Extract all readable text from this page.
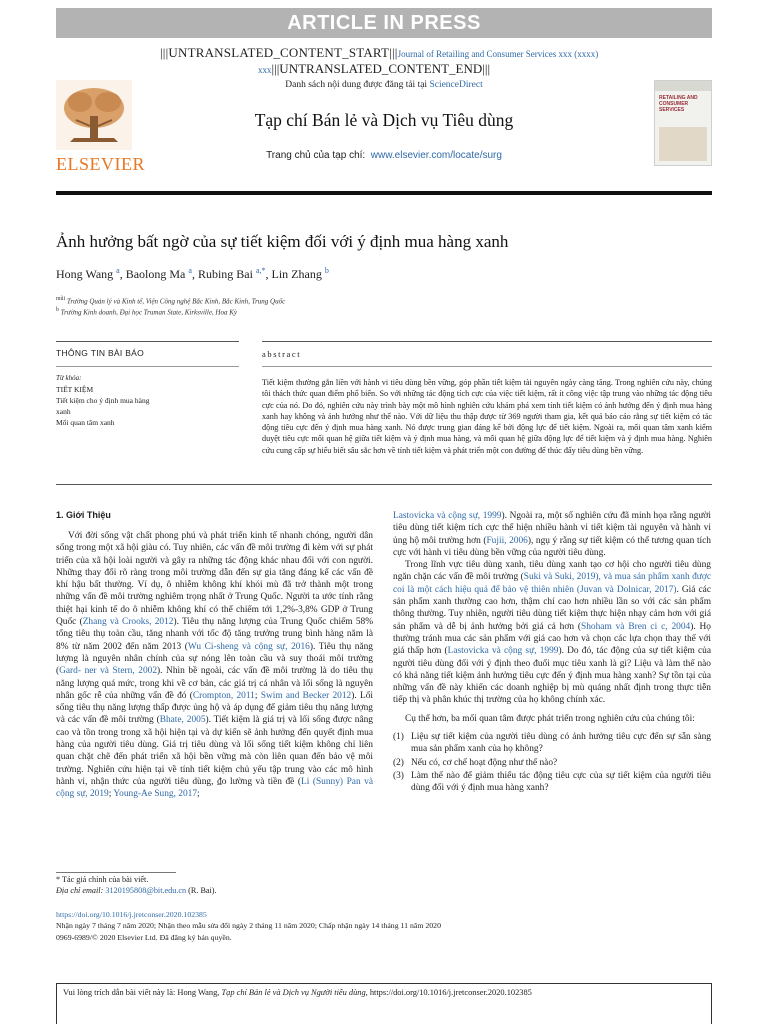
ARTICLE IN PRESS
|||UNTRANSLATED_CONTENT_START|||Journal of Retailing and Consumer Services xxx (xxxx)
xxx|||UNTRANSLATED_CONTENT_END|||
ELSEVIER
Danh sách nội dung được đăng tải tại ScienceDirect
Tạp chí Bán lẻ và Dịch vụ Tiêu dùng
Trang chủ của tạp chí: www.elsevier.com/locate/surg
RETAILING AND CONSUMER SERVICES
Ảnh hưởng bất ngờ của sự tiết kiệm đối với ý định mua hàng xanh
Hong Wang $^a$, Baolong Ma $^a$, Rubing Bai $^{a,*}$, Lin Zhang $^b$
$^{mũi}$ Trường Quản lý và Kinh tế, Viện Công nghệ Bắc Kinh, Bắc Kinh, Trung Quốc
$^b$ Trường Kinh doanh, Đại học Truman State, Kirksville, Hoa Kỳ
THÔNG TIN BÀI BÁO	abstract
Từ khóa:
TIẾT KIỆM
Tiết kiệm cho ý định mua hàng
xanh
Mối quan tâm xanh
Tiết kiệm thường gắn liền với hành vi tiêu dùng bền vững, góp phần tiết kiệm tài nguyên ngày càng tăng. Trong nghiên cứu này, chúng tôi thách thức quan điểm phổ biến. So với những tác động tích cực của việc tiết kiệm, rất ít công việc tập trung vào những tác động tiêu cực của nó. Do đó, nghiên cứu này trình bày một mô hình nghiên cứu khám phá xem tính tiết kiệm có ảnh hưởng đến ý định mua hàng xanh hay không và ảnh hưởng như thế nào. Với dữ liệu thu thập được từ 369 người tham gia, kết quả báo cáo rằng sự tiết kiệm có tác động tiêu cực đến ý định mua hàng xanh. Nó được trung gian đáng kể bởi động lực để tiết kiệm. Ngoài ra, mối quan tâm xanh kiểm duyệt tiêu cực mối quan hệ giữa tiết kiệm và ý định mua hàng, và mối quan hệ giữa động lực để tiết kiệm và ý định mua hàng. Nghiên cứu cung cấp sự hiểu biết sâu sắc hơn về tính tiết kiệm và phát triển một con đường để thúc đẩy tiêu dùng bền vững.
1. Giới Thiệu

Với đời sống vật chất phong phú và phát triển kinh tế nhanh chóng, người dân sống trong một xã hội giàu có. Tuy nhiên, các vấn đề môi trường đi kèm với sự phát triển của xã hội loài người và gây ra những tác động khác nhau đối với con người. Những thay đổi rõ ràng trong môi trường dẫn đến sự gia tăng đáng kể các vấn đề khí hậu bất thường. Ví dụ, ô nhiễm không khí khói mù đã trở thành một trong những vấn đề môi trường nghiêm trọng nhất ở Trung Quốc. Người ta ước tính rằng thiệt hại kinh tế do ô nhiễm không khí có thể chiếm tới 1,2%-3,8% GDP ở Trung Quốc (Zhang và Crooks, 2012). Tiêu thụ năng lượng của Trung Quốc chiếm 58% tổng tiêu thụ toàn cầu, tăng nhanh với tốc độ tăng trưởng trung bình hàng năm là 8% từ năm 2002 đến năm 2013 (Wu Ci-sheng và cộng sự, 2016). Tiêu thụ năng lượng là nguyên nhân chính của sự nóng lên toàn cầu và suy thoái môi trường (Gard- ner và Stern, 2002). Nhìn bề ngoài, các vấn đề môi trường là do tiêu thụ năng lượng quá mức, trong khi về cơ bản, các giá trị cá nhân và lối sống là nguyên nhân gốc rễ của những vấn đề đó (Crompton, 2011; Swim and Becker 2012). Lối sống tiêu thụ năng lượng thấp được ủng hộ và áp dụng để giảm tiêu thụ năng lượng và các vấn đề môi trường (Bhate, 2005). Tiết kiệm là giá trị và lối sống được nâng cao và tồn trong trong xã hội hiện tại và dự kiến sẽ ảnh hưởng đến quyết định mua hàng của người tiêu dùng. Giá trị tiêu dùng và lối sống tiết kiệm không chỉ liên quan chặt chẽ đến phát triển xã hội bền vững mà còn liên quan đến bảo vệ môi trường. Nghiên cứu hiện tại về tính tiết kiệm chủ yếu tập trung vào các mô hình hành vi, nhận thức của người tiêu dùng, ₫o lường và tiền đề (Li (Sunny) Pan và cộng sự, 2019; Young-Ae Sung, 2017;

Lastovicka và cộng sự, 1999). Ngoài ra, một số nghiên cứu đã minh họa rằng người tiêu dùng tiết kiệm tích cực thể hiện nhiều hành vi tiết kiệm tài nguyên và hành vi ủng hộ môi trường hơn (Fujii, 2006), ngụ ý rằng sự tiết kiệm có thể tương quan tích cực với hành vi tiêu dùng bền vững của người tiêu dùng.

Trong lĩnh vực tiêu dùng xanh, tiêu dùng xanh tạo cơ hội cho người tiêu dùng ngăn chặn các vấn đề môi trường (Suki và Suki, 2019), và mua sản phẩm xanh được coi là một cách hiệu quả để bảo vệ thiên nhiên (Juvan và Dolnicar, 2017). Giá các sản phẩm xanh thường cao hơn, thậm chí cao hơn nhiều lần so với các sản phẩm thông thường. Tuy nhiên, người tiêu dùng tiết kiệm thực hiện nhạy cảm hơn với giá sản phẩm và dễ bị ảnh hưởng bởi giá cả hơn (Shoham và Bren ci c, 2004). Họ thường tránh mua các sản phẩm với giá cao hơn và chọn các lựa chọn thay thế với giá thấp hơn (Lastovicka và cộng sự, 1999). Do đó, tác động của sự tiết kiệm của người tiêu dùng đối với ý định theo đuổi mục tiêu xanh là gì? Liệu và làm thế nào có khả năng tiết kiệm ảnh hưởng tiêu cực đến ý định mua hàng xanh? Sự tồn tại của những vấn đề này khiến các doanh nghiệp bị mù quáng nhất định trong thực tiễn tiếp thị và phân khúc thị trường của họ không chính xác.

Cụ thể hơn, ba mối quan tâm được phát triển trong nghiên cứu của chúng tôi:

(1) Liệu sự tiết kiệm của người tiêu dùng có ảnh hưởng tiêu cực đến sự sẵn sàng mua sản phẩm xanh của họ không?
(2) Nếu có, cơ chế hoạt động như thế nào?
(3) Làm thế nào để giảm thiểu tác động tiêu cực của sự tiết kiệm của người tiêu dùng đối với ý định mua hàng xanh?
* Tác giả chính của bài viết.
Địa chỉ email: 3120195808@bit.edu.cn (R. Bai).
https://doi.org/10.1016/j.jretconser.2020.102385
Nhận ngày 7 tháng 7 năm 2020; Nhận theo mẫu sửa đổi ngày 2 tháng 11 năm 2020; Chấp nhận ngày 14 tháng 11 năm 2020
0969-6989/© 2020 Elsevier Ltd. Đã đăng ký bản quyền.
Vui lòng trích dẫn bài viết này là: Hong Wang, Tạp chí Bán lẻ và Dịch vụ Người tiêu dùng, https://doi.org/10.1016/j.jretconser.2020.102385
